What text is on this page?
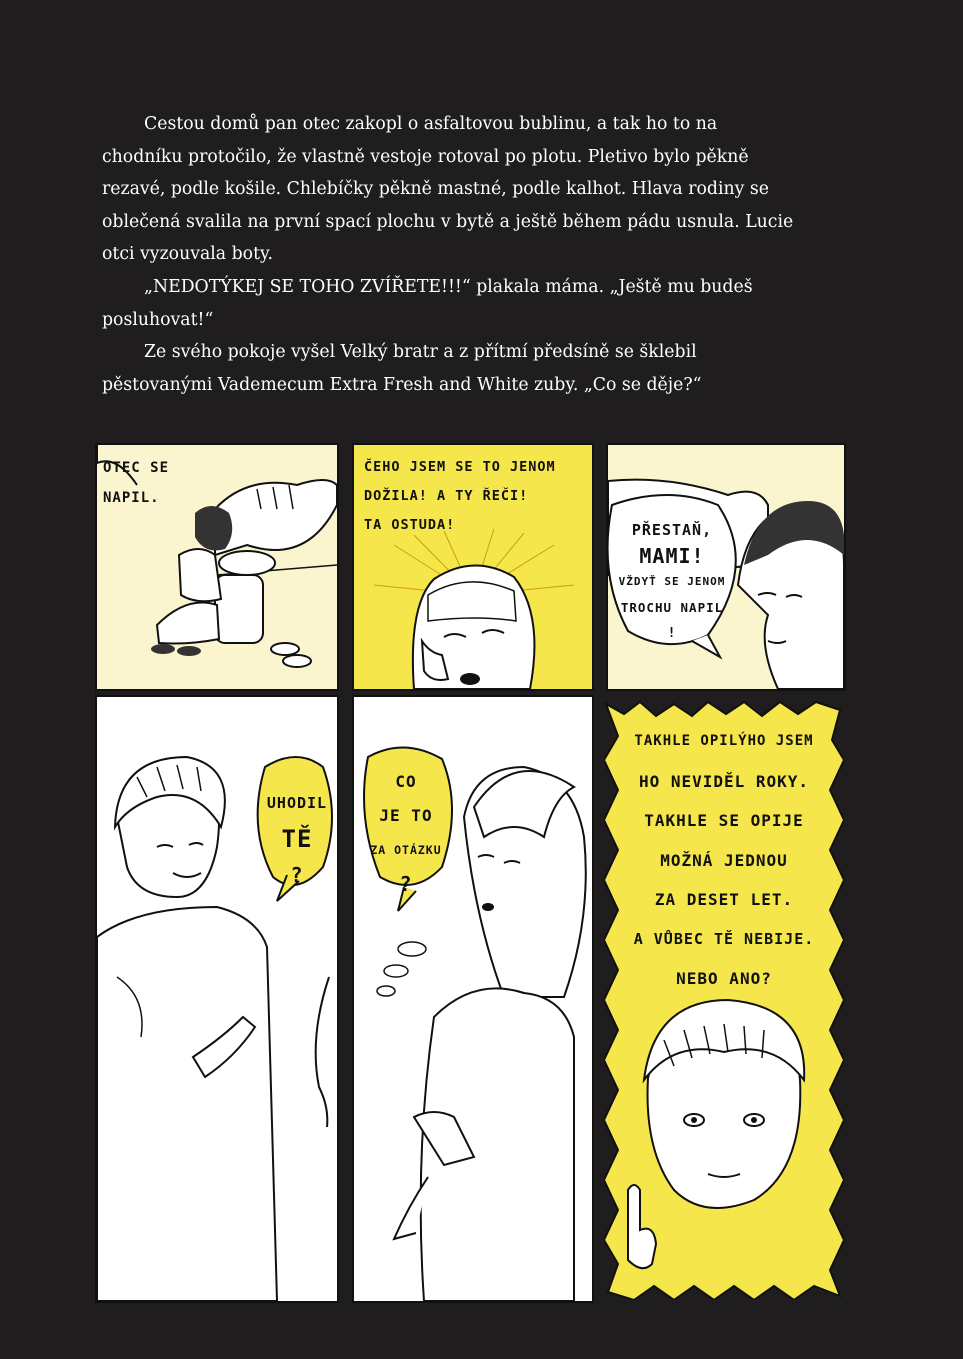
Cestou domů pan otec zakopl o asfaltovou bublinu, a tak ho to na chodníku protočilo, že vlastně vestoje rotoval po plotu. Pletivo bylo pěkně rezavé, podle košile. Chlebíčky pěkně mastné, podle kalhot. Hlava rodiny se oblečená svalila na první spací plochu v bytě a ještě během pádu usnula. Lucie otci vyzouvala boty.

„NEDOTÝKEJ SE TOHO ZVÍŘETE!!!“ plakala máma. „Ještě mu budeš posluhovat!“

Ze svého pokoje vyšel Velký bratr a z přítmí předsíně se šklebil pěstovanými Vademecum Extra Fresh and White zuby. „Co se děje?“

OTEC SE
NAPIL.
ČEHO JSEM SE TO JENOM
DOŽILA! A TY ŘEČI!
TA OSTUDA!	PŘESTAŇ,
MAMI!
VŽDYŤ SE JENOM
TROCHU NAPIL
!
UHODIL
TĚ
?
CO
JE TO
ZA OTÁZKU
?
TAKHLE OPILÝHO JSEM
HO NEVIDĚL ROKY.
TAKHLE SE OPIJE
MOŽNÁ JEDNOU
ZA DESET LET.
A VŮBEC TĚ NEBIJE.
NEBO ANO?
